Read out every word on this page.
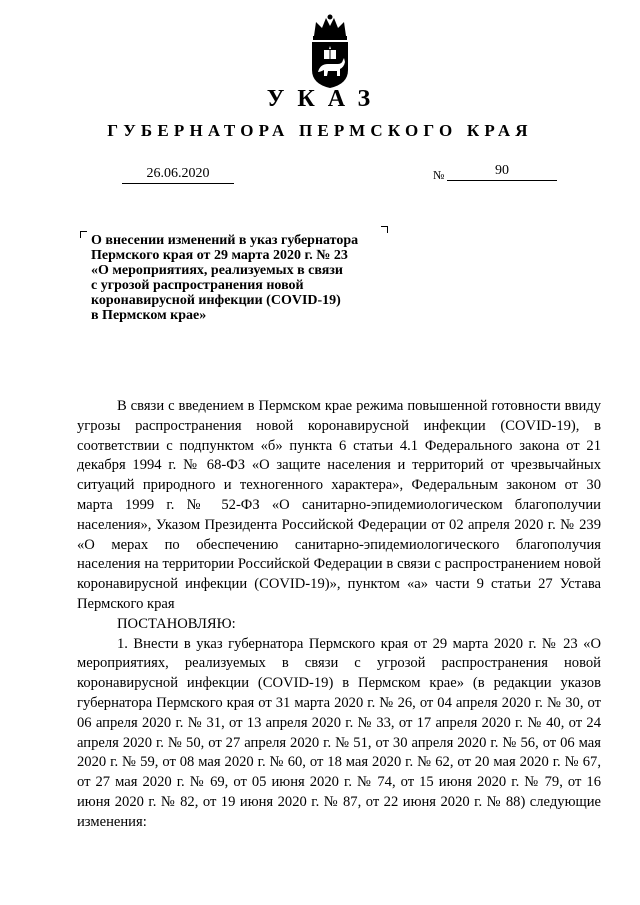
УКАЗ
ГУБЕРНАТОРА ПЕРМСКОГО КРАЯ
26.06.2020	№	90
О внесении изменений в указ губернатора
Пермского края от 29 марта 2020 г. № 23
«О мероприятиях, реализуемых в связи
с угрозой распространения новой
коронавирусной инфекции (COVID-19)
в Пермском крае»

В связи с введением в Пермском крае режима повышенной готовности ввиду угрозы распространения новой коронавирусной инфекции (COVID-19), в соответствии с подпунктом «б» пункта 6 статьи 4.1 Федерального закона от 21 декабря 1994 г. № 68-ФЗ «О защите населения и территорий от чрезвычайных ситуаций природного и техногенного характера», Федеральным законом от 30 марта 1999 г. № 52-ФЗ «О санитарно-эпидемиологическом благополучии населения», Указом Президента Российской Федерации от 02 апреля 2020 г. № 239 «О мерах по обеспечению санитарно-эпидемиологического благополучия населения на территории Российской Федерации в связи с распространением новой коронавирусной инфекции (COVID-19)», пунктом «а» части 9 статьи 27 Устава Пермского края

ПОСТАНОВЛЯЮ:

1. Внести в указ губернатора Пермского края от 29 марта 2020 г. № 23 «О мероприятиях, реализуемых в связи с угрозой распространения новой коронавирусной инфекции (COVID-19) в Пермском крае» (в редакции указов губернатора Пермского края от 31 марта 2020 г. № 26, от 04 апреля 2020 г. № 30, от 06 апреля 2020 г. № 31, от 13 апреля 2020 г. № 33, от 17 апреля 2020 г. № 40, от 24 апреля 2020 г. № 50, от 27 апреля 2020 г. № 51, от 30 апреля 2020 г. № 56, от 06 мая 2020 г. № 59, от 08 мая 2020 г. № 60, от 18 мая 2020 г. № 62, от 20 мая 2020 г. № 67, от 27 мая 2020 г. № 69, от 05 июня 2020 г. № 74, от 15 июня 2020 г. № 79, от 16 июня 2020 г. № 82, от 19 июня 2020 г. № 87, от 22 июня 2020 г. № 88) следующие изменения:
